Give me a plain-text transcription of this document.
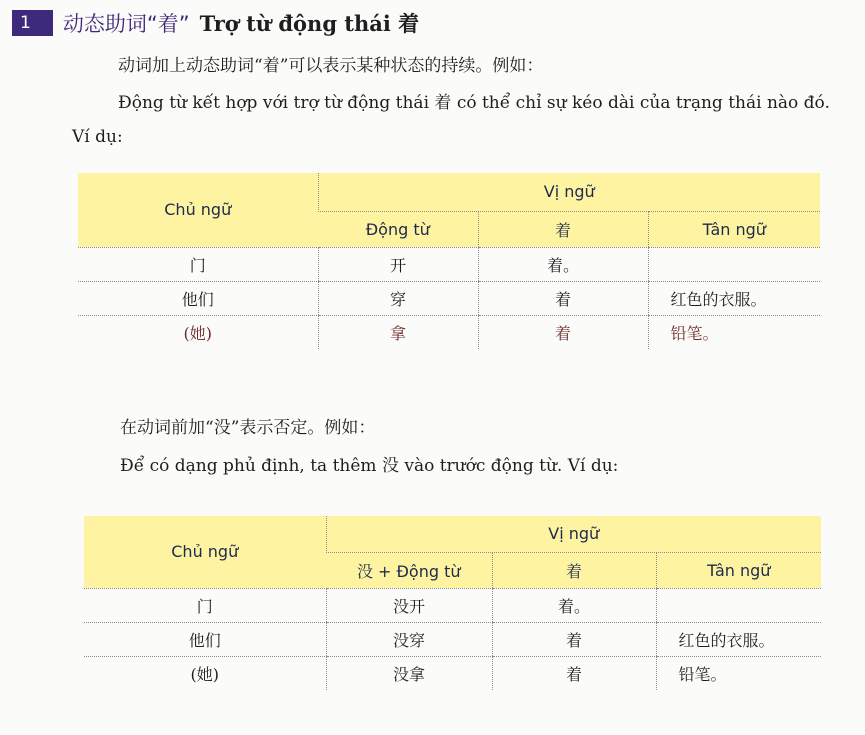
1	动态助词“着” Trợ từ động thái 着

动词加上动态助词“着”可以表示某种状态的持续。例如：

Động từ kết hợp với trợ từ động thái 着 có thể chỉ sự kéo dài của trạng thái nào đó. Ví dụ:

Chủ ngữ	Vị ngữ		
	Động từ	着	Tân ngữ
门	开	着。	
他们	穿	着	红色的衣服。
(她)	拿	着	铅笔。

在动词前加“没”表示否定。例如：

Để có dạng phủ định, ta thêm 没 vào trước động từ. Ví dụ:

Chủ ngữ	Vị ngữ		
	没 + Động từ	着	Tân ngữ
门	没开	着。	
他们	没穿	着	红色的衣服。
(她)	没拿	着	铅笔。
